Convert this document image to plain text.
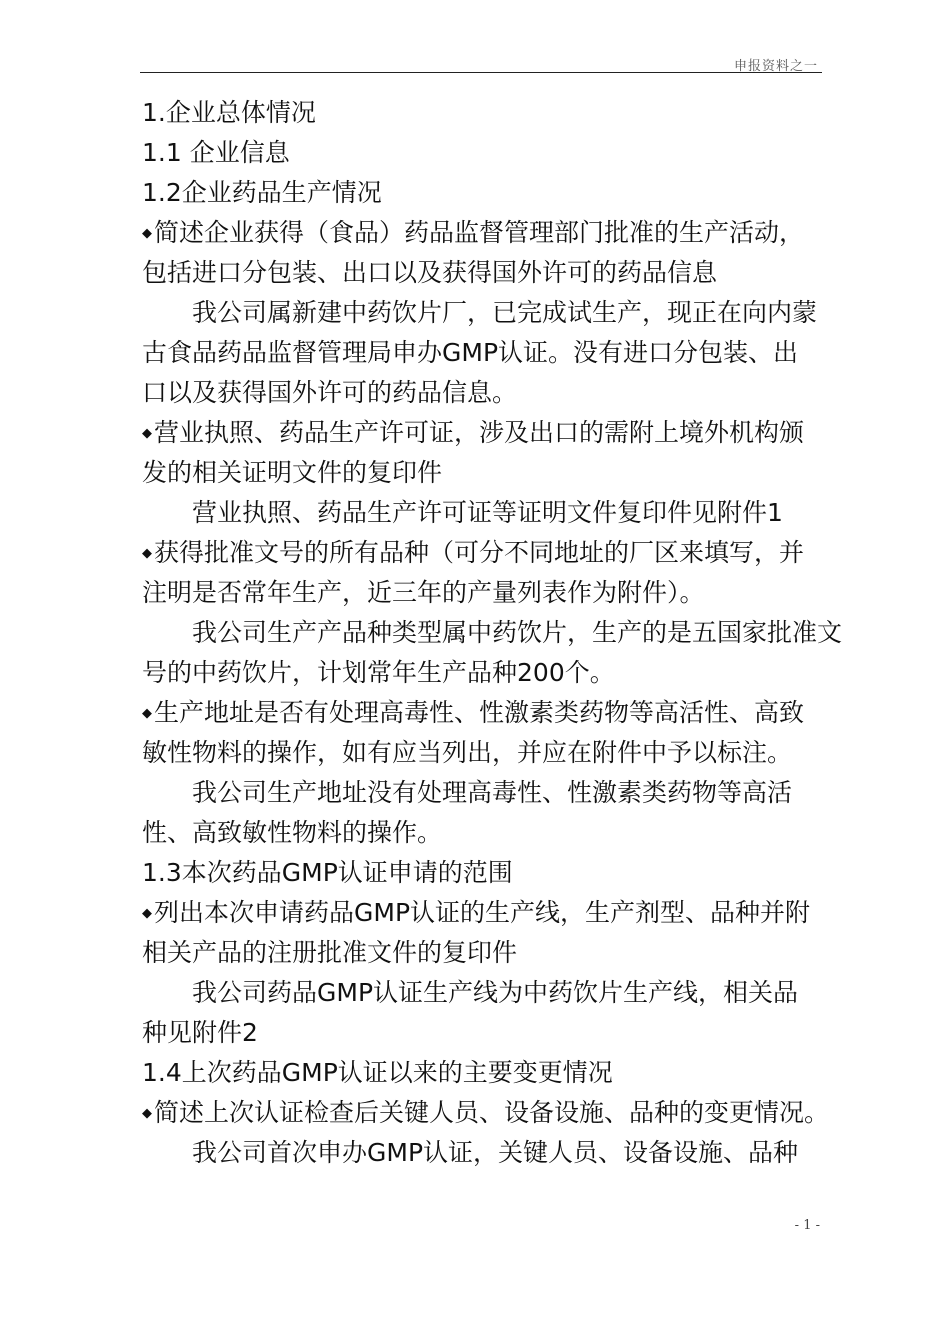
申报资料之一
1.企业总体情况
1.1 企业信息
1.2企业药品生产情况
◆简述企业获得（食品）药品监督管理部门批准的生产活动，
包括进口分包装、出口以及获得国外许可的药品信息
我公司属新建中药饮片厂，已完成试生产，现正在向内蒙
古食品药品监督管理局申办GMP认证。没有进口分包装、出
口以及获得国外许可的药品信息。
◆营业执照、药品生产许可证，涉及出口的需附上境外机构颁
发的相关证明文件的复印件
营业执照、药品生产许可证等证明文件复印件见附件1
◆获得批准文号的所有品种（可分不同地址的厂区来填写，并
注明是否常年生产，近三年的产量列表作为附件）。
我公司生产产品种类型属中药饮片，生产的是五国家批准文
号的中药饮片，计划常年生产品种200个。
◆生产地址是否有处理高毒性、性激素类药物等高活性、高致
敏性物料的操作，如有应当列出，并应在附件中予以标注。
我公司生产地址没有处理高毒性、性激素类药物等高活
性、高致敏性物料的操作。
1.3本次药品GMP认证申请的范围
◆列出本次申请药品GMP认证的生产线，生产剂型、品种并附
相关产品的注册批准文件的复印件
我公司药品GMP认证生产线为中药饮片生产线，相关品
种见附件2
1.4上次药品GMP认证以来的主要变更情况
◆简述上次认证检查后关键人员、设备设施、品种的变更情况。
我公司首次申办GMP认证，关键人员、设备设施、品种
- 1 -
